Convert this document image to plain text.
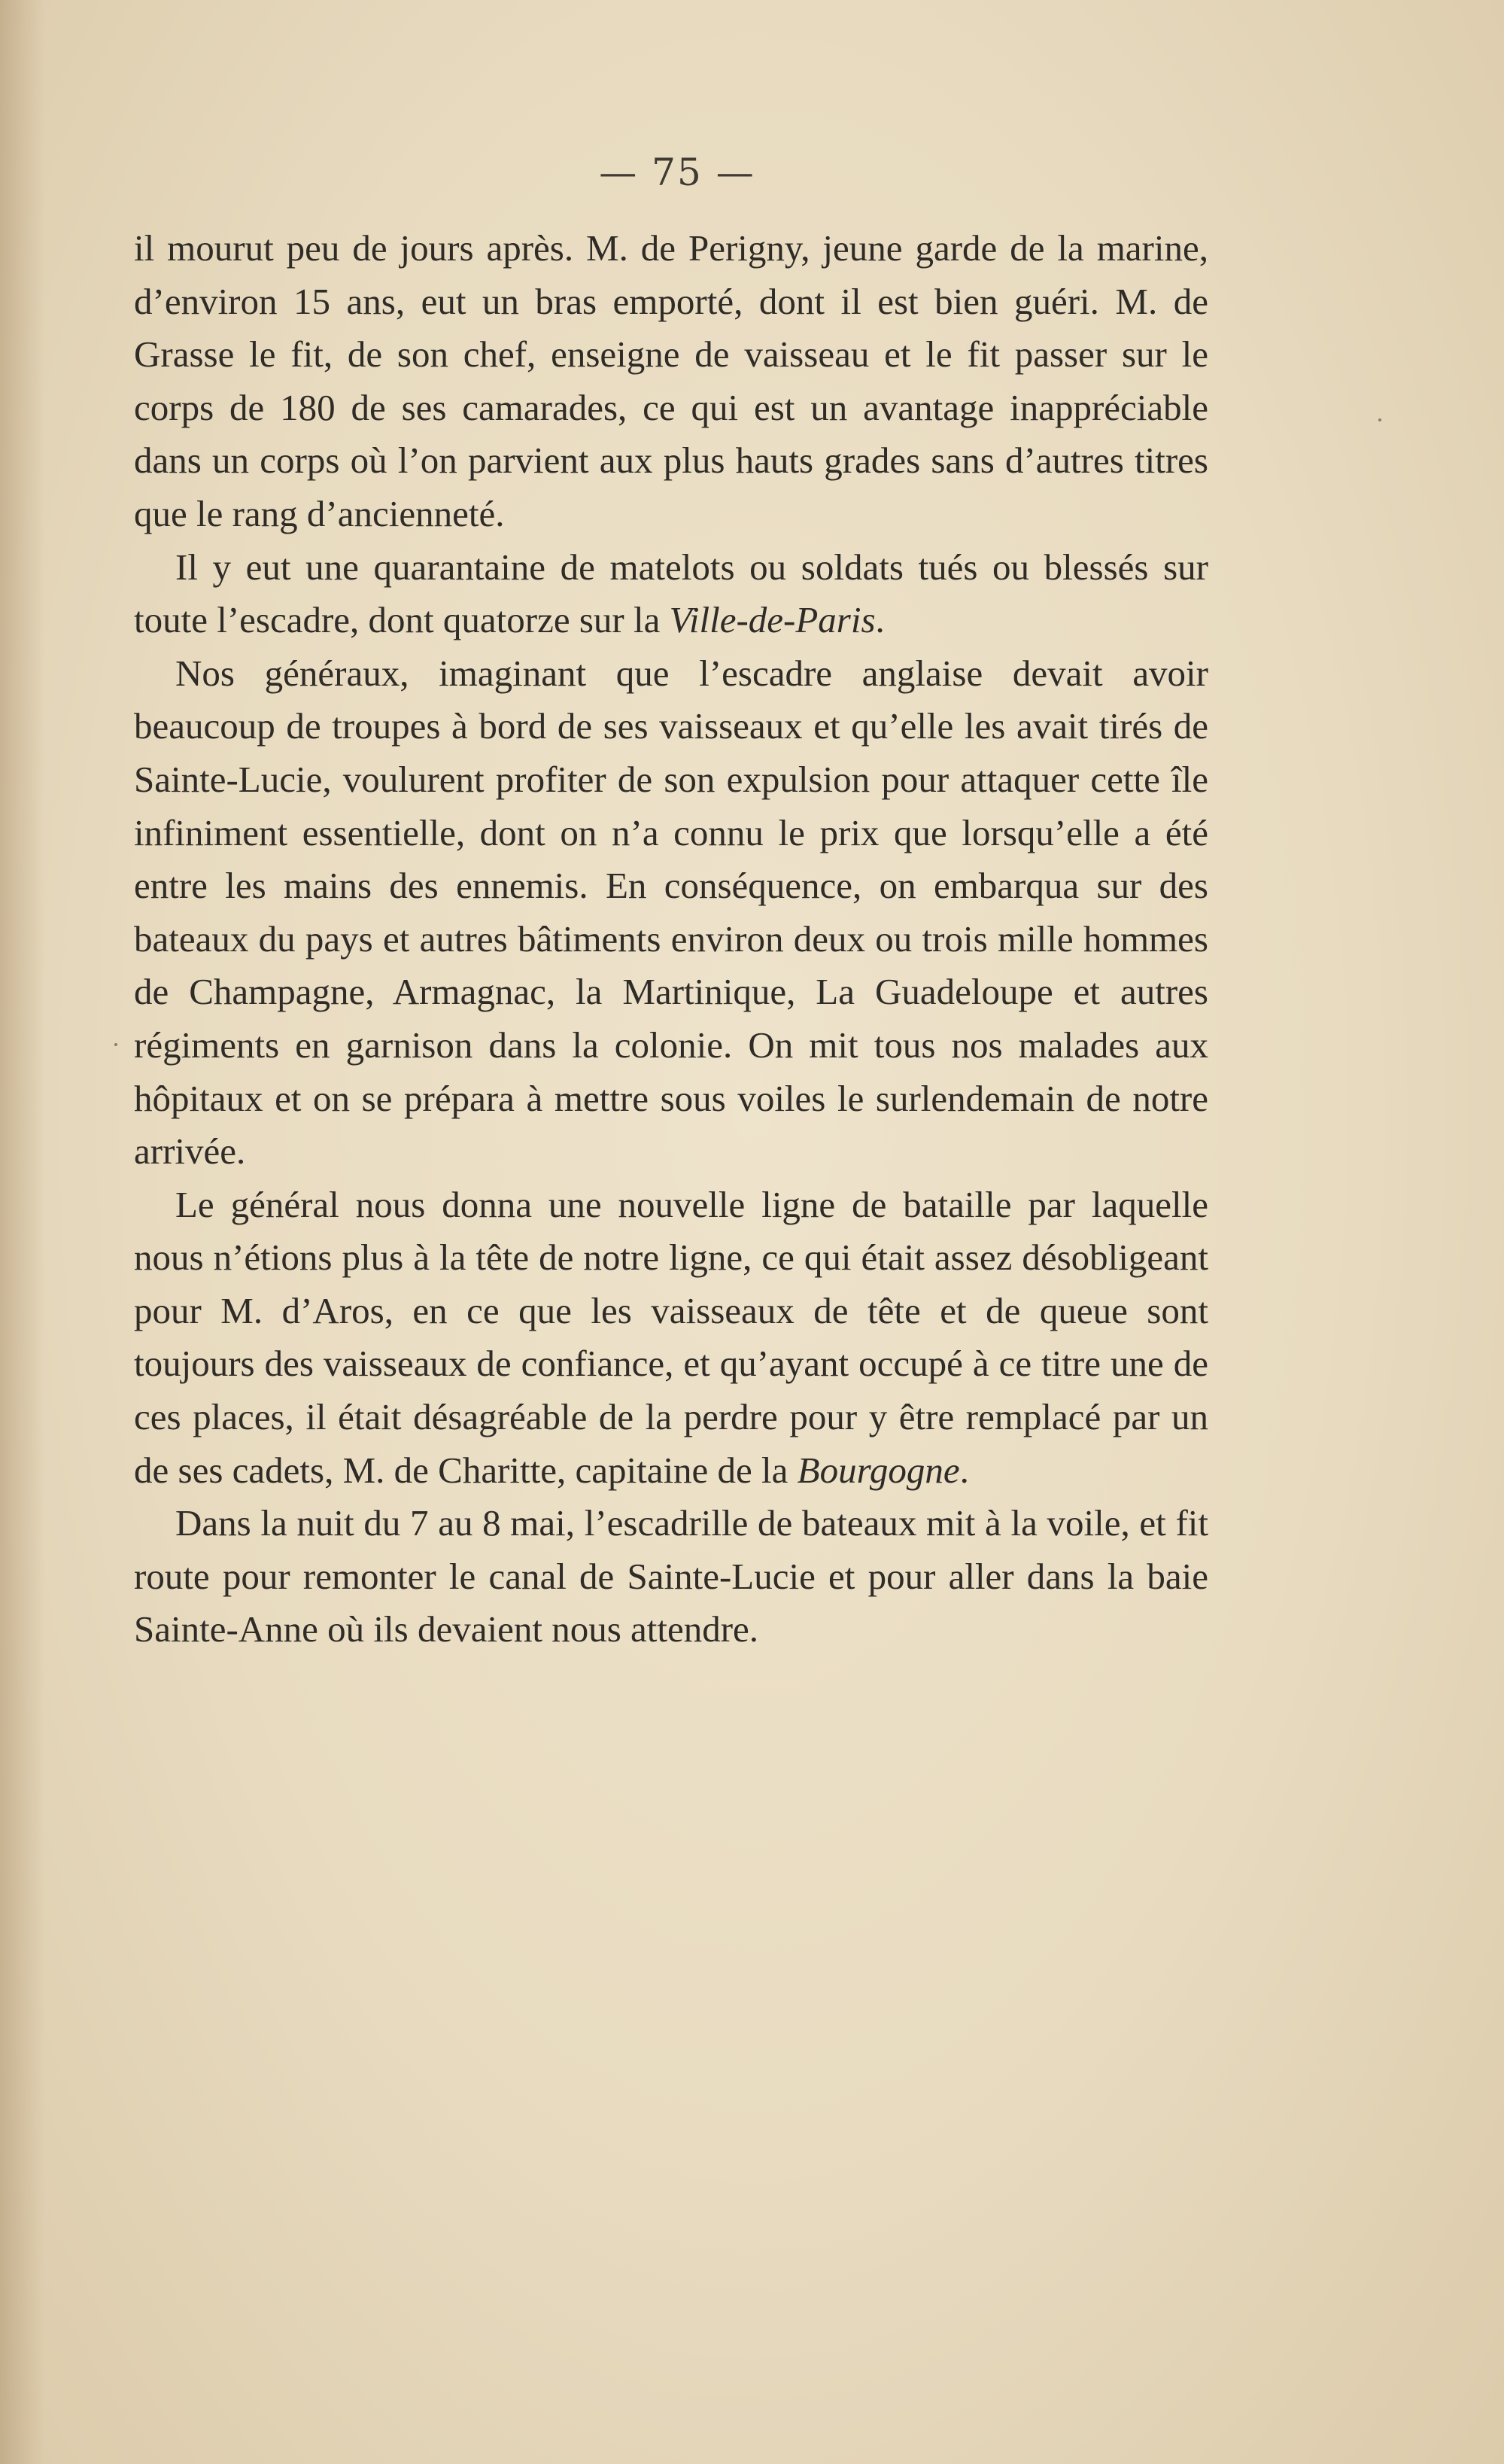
— 75 —

il mourut peu de jours après. M. de Perigny, jeune garde de la marine, d’environ 15 ans, eut un bras emporté, dont il est bien guéri. M. de Grasse le fit, de son chef, enseigne de vaisseau et le fit passer sur le corps de 180 de ses camarades, ce qui est un avantage inappréciable dans un corps où l’on parvient aux plus hauts grades sans d’autres titres que le rang d’ancienneté.

Il y eut une quarantaine de matelots ou soldats tués ou blessés sur toute l’escadre, dont quatorze sur la Ville-de-Paris.

Nos généraux, imaginant que l’escadre anglaise devait avoir beaucoup de troupes à bord de ses vaisseaux et qu’elle les avait tirés de Sainte-Lucie, voulurent profiter de son expulsion pour attaquer cette île infiniment essentielle, dont on n’a connu le prix que lorsqu’elle a été entre les mains des ennemis. En conséquence, on embarqua sur des bateaux du pays et autres bâtiments environ deux ou trois mille hommes de Champagne, Armagnac, la Martinique, La Guadeloupe et autres régiments en garnison dans la colonie. On mit tous nos malades aux hôpitaux et on se prépara à mettre sous voiles le surlendemain de notre arrivée.

Le général nous donna une nouvelle ligne de bataille par laquelle nous n’étions plus à la tête de notre ligne, ce qui était assez désobligeant pour M. d’Aros, en ce que les vaisseaux de tête et de queue sont toujours des vaisseaux de confiance, et qu’ayant occupé à ce titre une de ces places, il était désagréable de la perdre pour y être remplacé par un de ses cadets, M. de Charitte, capitaine de la Bourgogne.

Dans la nuit du 7 au 8 mai, l’escadrille de bateaux mit à la voile, et fit route pour remonter le canal de Sainte-Lucie et pour aller dans la baie Sainte-Anne où ils devaient nous attendre.
